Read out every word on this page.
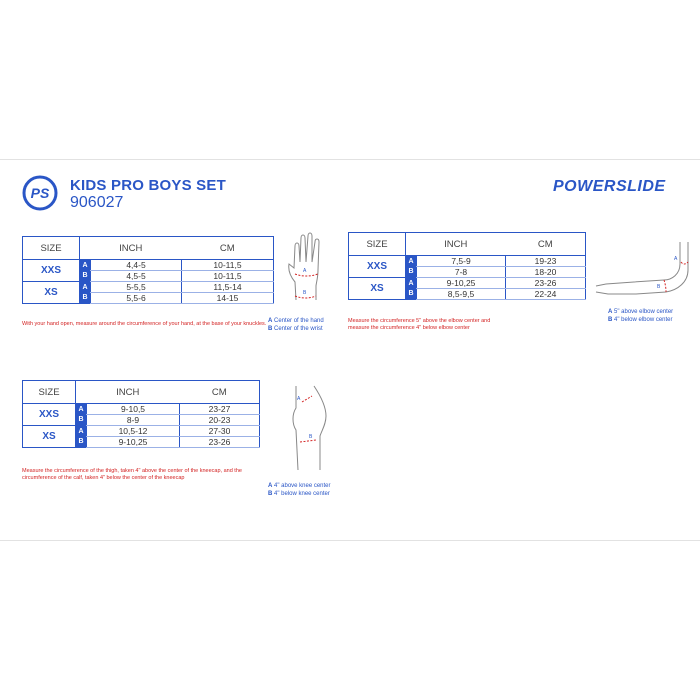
PS KIDS PRO BOYS SET
906027
POWERSLIDE
SIZE	INCH		CM
XXS	A	4,4-5	10-11,5
	B	4,5-5	10-11,5
XS	A	5-5,5	11,5-14
	B	5,5-6	14-15
With your hand open, measure around the circumference of your hand, at the base of your knuckles.
A
B
A Center of the hand
B Center of the wrist
SIZE	INCH		CM
XXS	A	7,5-9	19-23
	B	7-8	18-20
XS	A	9-10,25	23-26
	B	8,5-9,5	22-24
Measure the circumference 5" above the elbow center and measure the circumference 4" below elbow center
A
B
A 5" above elbow center
B 4" below elbow center
SIZE	INCH		CM
XXS	A	9-10,5	23-27
	B	8-9	20-23
XS	A	10,5-12	27-30
	B	9-10,25	23-26
Measure the circumference of the thigh, taken 4" above the center of the kneecap, and the circumference of the calf, taken 4" below the center of the kneecap
A
B
A 4" above knee center
B 4" below knee center
